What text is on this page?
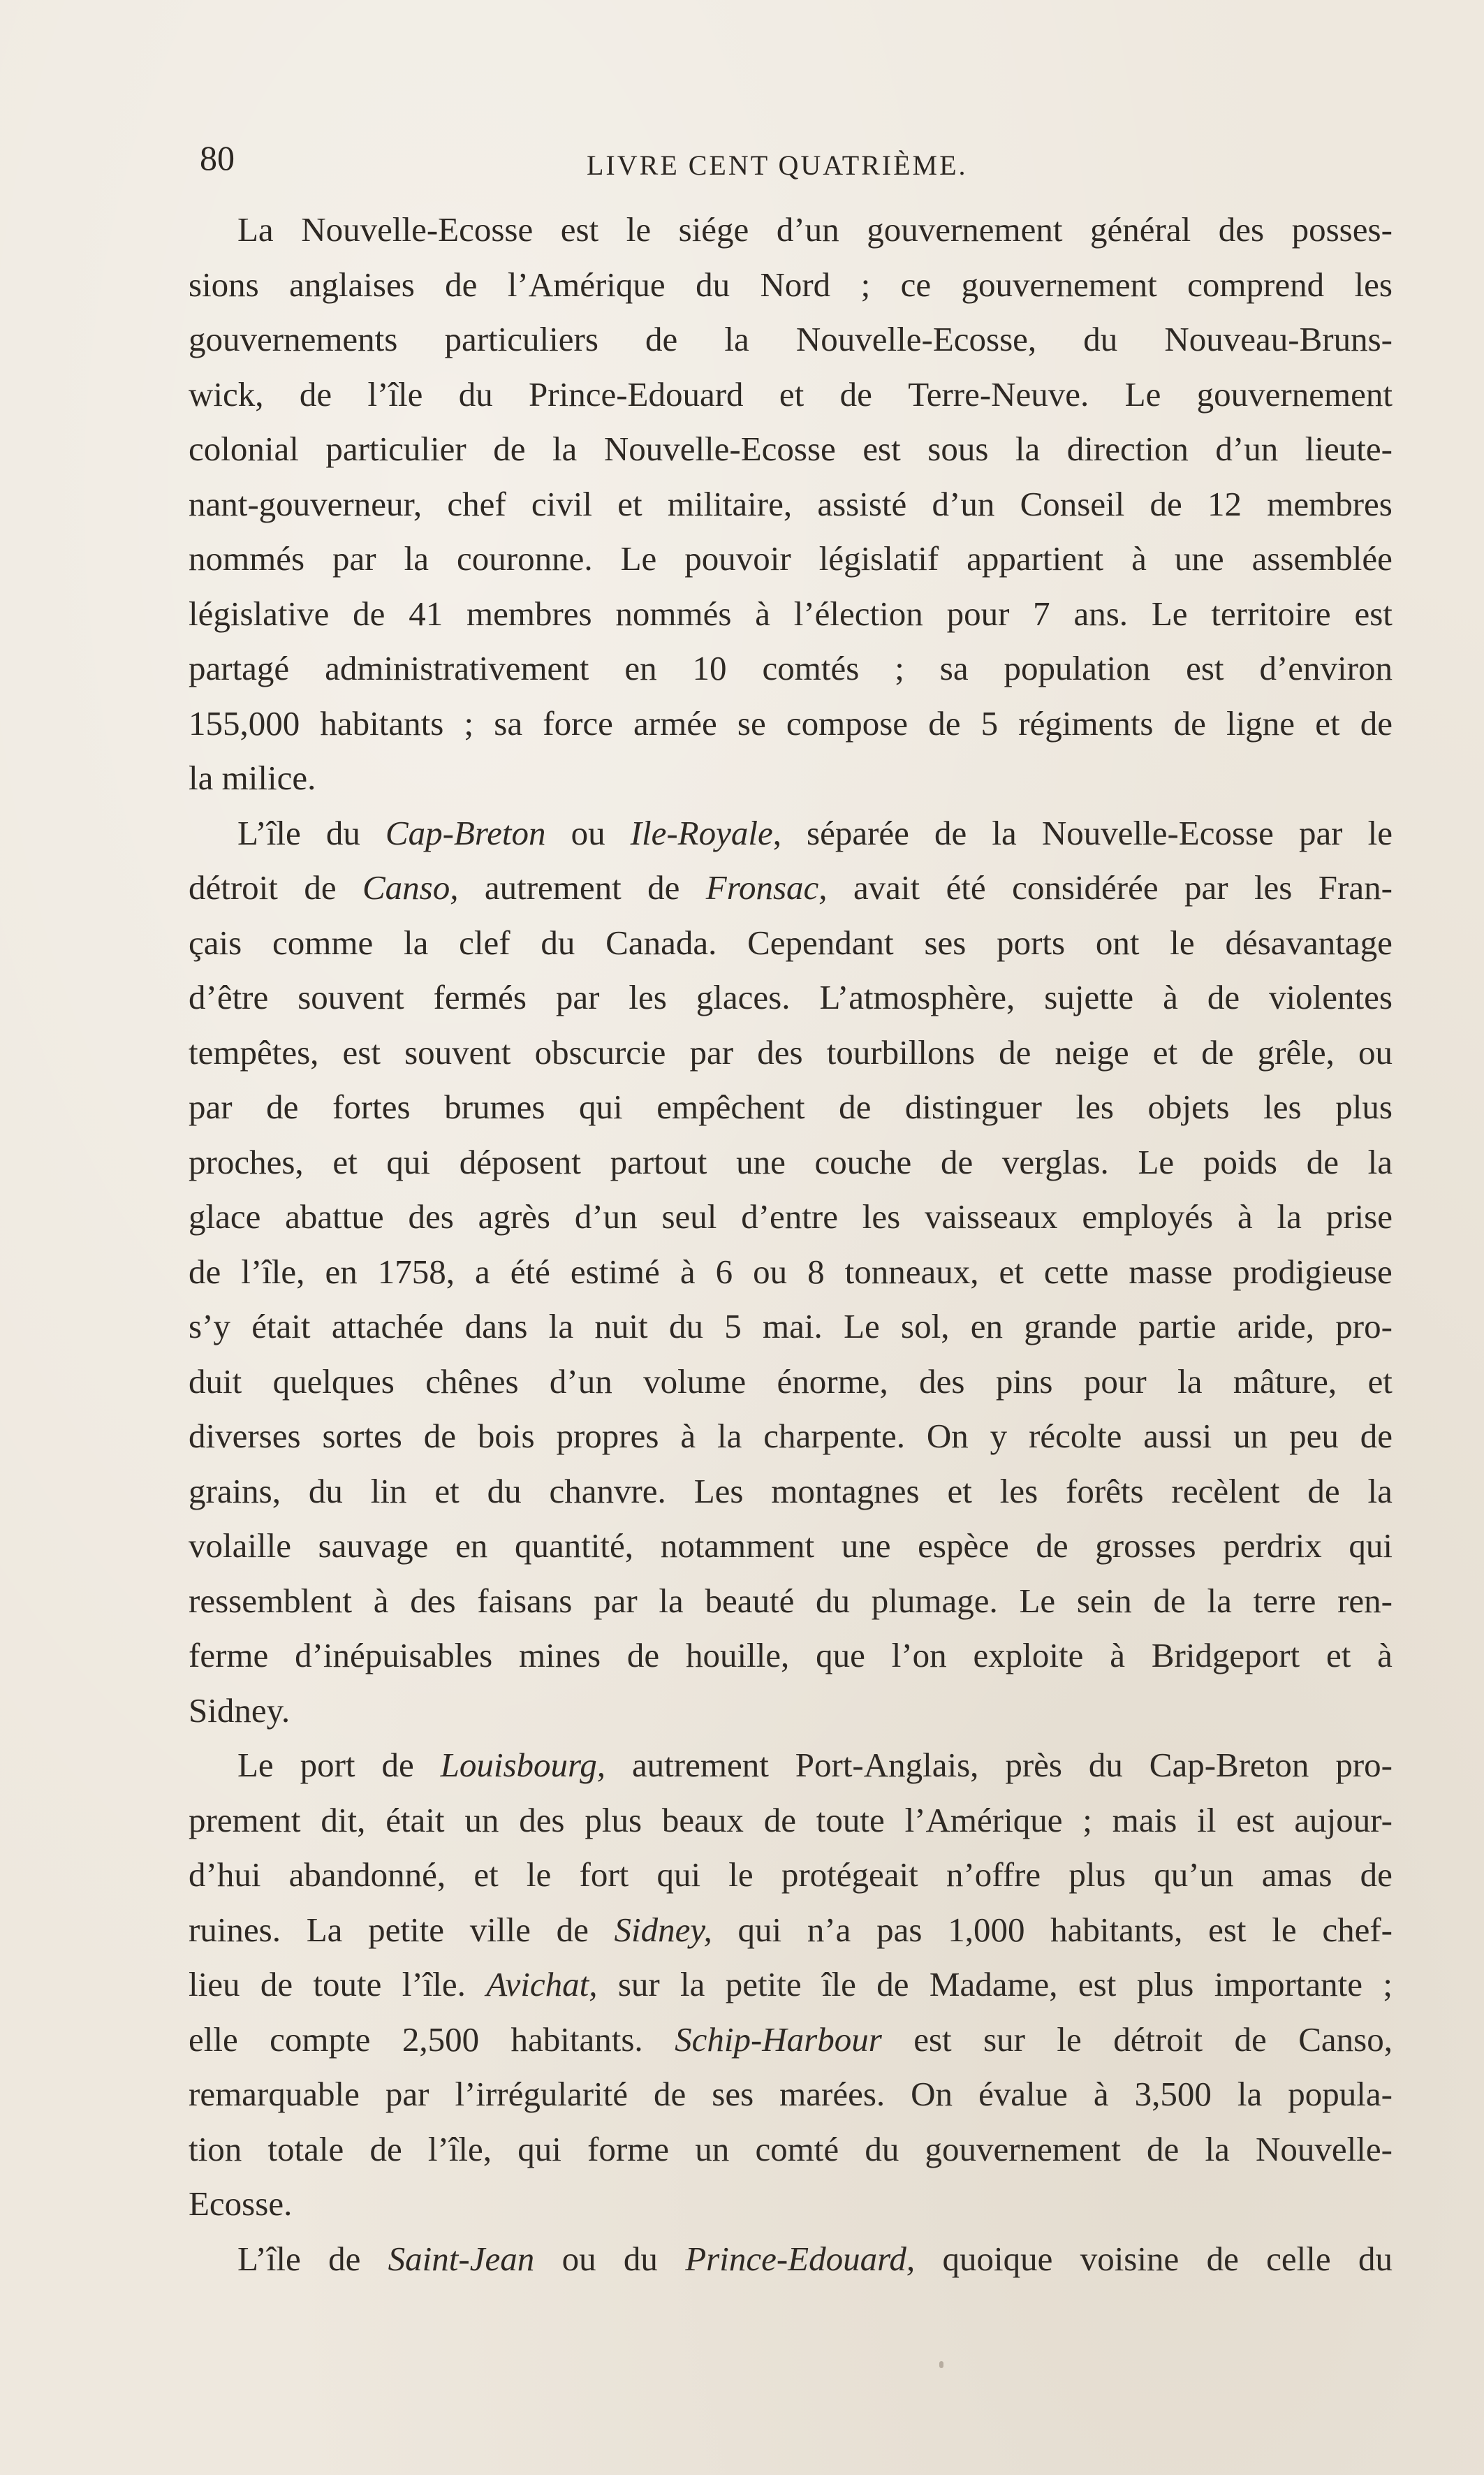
80	LIVRE CENT QUATRIÈME.
La Nouvelle-Ecosse est le siége d’un gouvernement général des posses-
sions anglaises de l’Amérique du Nord ; ce gouvernement comprend les
gouvernements particuliers de la Nouvelle-Ecosse, du Nouveau-Bruns-
wick, de l’île du Prince-Edouard et de Terre-Neuve. Le gouvernement
colonial particulier de la Nouvelle-Ecosse est sous la direction d’un lieute-
nant-gouverneur, chef civil et militaire, assisté d’un Conseil de 12 membres
nommés par la couronne. Le pouvoir législatif appartient à une assemblée
législative de 41 membres nommés à l’élection pour 7 ans. Le territoire est
partagé administrativement en 10 comtés ; sa population est d’environ
155,000 habitants ; sa force armée se compose de 5 régiments de ligne et de
la
milice.

L’île du Cap-Breton ou Ile-Royale, séparée de la Nouvelle-Ecosse par le
détroit de Canso, autrement de Fronsac, avait été considérée par les Fran-
çais comme la clef du Canada. Cependant ses ports ont le désavantage
d’être souvent fermés par les glaces. L’atmosphère, sujette à de violentes
tempêtes, est souvent obscurcie par des tourbillons de neige et de grêle, ou
par de fortes brumes qui empêchent de distinguer les objets les plus
proches, et qui déposent partout une couche de verglas. Le poids de la
glace abattue des agrès d’un seul d’entre les vaisseaux employés à la prise
de l’île, en 1758, a été estimé à 6 ou 8 tonneaux, et cette masse prodigieuse
s’y était attachée dans la nuit du 5 mai. Le sol, en grande partie aride, pro-
duit quelques chênes d’un volume énorme, des pins pour la mâture, et
diverses sortes de bois propres à la charpente. On y récolte aussi un peu de
grains, du lin et du chanvre. Les montagnes et les forêts recèlent de la
volaille sauvage en quantité, notamment une espèce de grosses perdrix qui
ressemblent à des faisans par la beauté du plumage. Le sein de la terre ren-
ferme d’inépuisables mines de houille, que l’on exploite à Bridgeport et à
Sidney.

Le port de Louisbourg, autrement Port-Anglais, près du Cap-Breton pro-
prement dit, était un des plus beaux de toute l’Amérique ; mais il est aujour-
d’hui abandonné, et le fort qui le protégeait n’offre plus qu’un amas de
ruines. La petite ville de Sidney, qui n’a pas 1,000 habitants, est le chef-
lieu de toute l’île. Avichat, sur la petite île de Madame, est plus importante ;
elle compte 2,500 habitants. Schip-Harbour est sur le détroit de Canso,
remarquable par l’irrégularité de ses marées. On évalue à 3,500 la popula-
tion totale de l’île, qui forme un comté du gouvernement de la Nouvelle-
Ecosse.

L’île de Saint-Jean ou du Prince-Edouard, quoique voisine de celle du
